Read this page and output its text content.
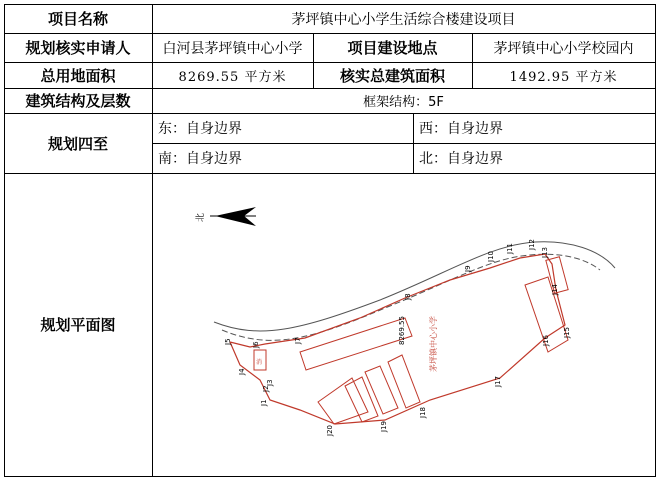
项目名称	茅坪镇中心小学生活综合楼建设项目
规划核实申请人	白河县茅坪镇中心小学	项目建设地点	茅坪镇中心小学校园内
总用地面积	8269.55 平方米	核实总建筑面积	1492.95 平方米
建筑结构及层数	框架结构：5F
规划四至
东：自身边界	西：自身边界
南：自身边界	北：自身边界
规划平面图
北
茅坪镇中心小学
8269.55
消
J1
J2
J3
J4
J5	J6
J7
J8
J9
J10
J11 J12
J13
J14
J15
J16
J17
J18
J19
J20
